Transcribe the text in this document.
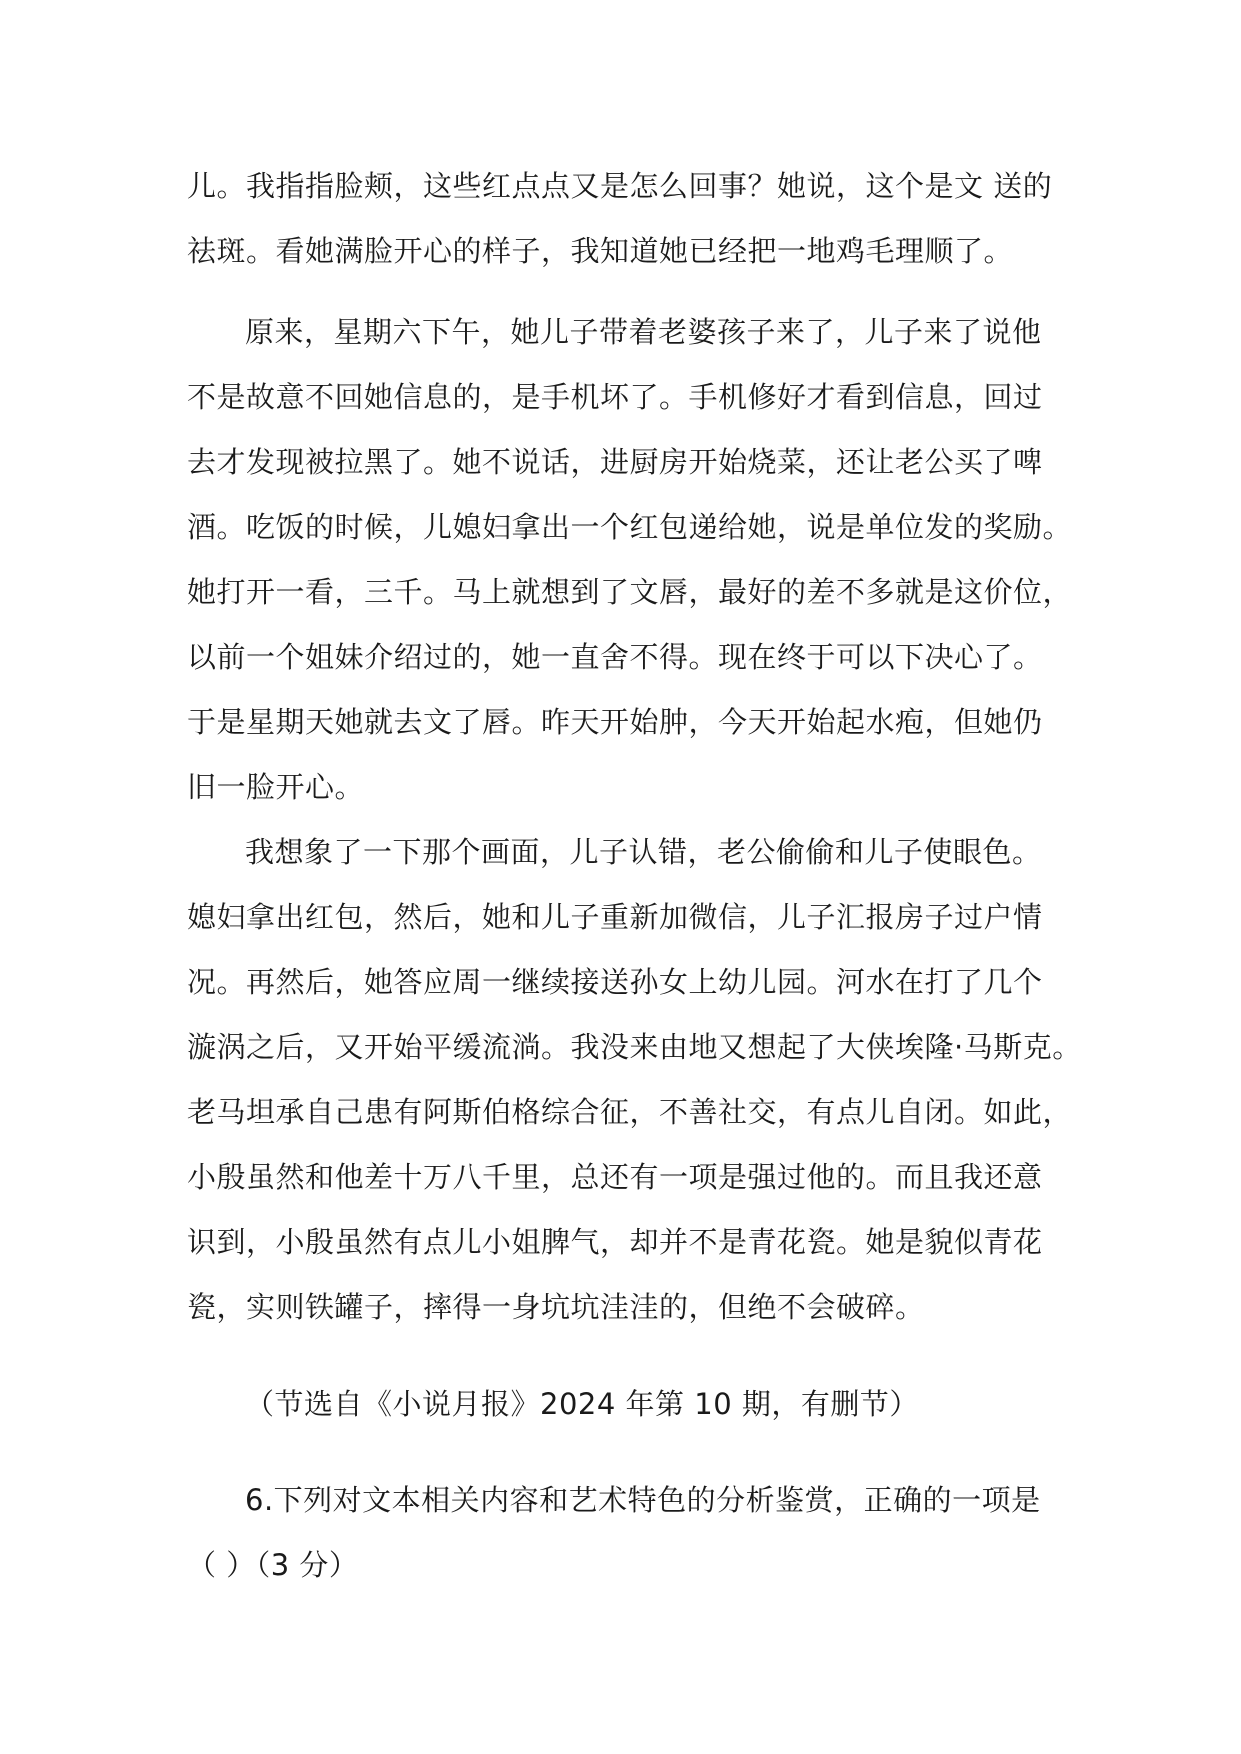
儿。我指指脸颊，这些红点点又是怎么回事？她说，这个是文 送的
祛斑。看她满脸开心的样子，我知道她已经把一地鸡毛理顺了。
原来，星期六下午，她儿子带着老婆孩子来了，儿子来了说他
不是故意不回她信息的，是手机坏了。手机修好才看到信息，回过
去才发现被拉黑了。她不说话，进厨房开始烧菜，还让老公买了啤
酒。吃饭的时候，儿媳妇拿出一个红包递给她，说是单位发的奖励。
她打开一看，三千。马上就想到了文唇，最好的差不多就是这价位，
以前一个姐妹介绍过的，她一直舍不得。现在终于可以下决心了。
于是星期天她就去文了唇。昨天开始肿，今天开始起水疱，但她仍
旧一脸开心。
我想象了一下那个画面，儿子认错，老公偷偷和儿子使眼色。
媳妇拿出红包，然后，她和儿子重新加微信，儿子汇报房子过户情
况。再然后，她答应周一继续接送孙女上幼儿园。河水在打了几个
漩涡之后，又开始平缓流淌。我没来由地又想起了大侠埃隆·马斯克。
老马坦承自己患有阿斯伯格综合征，不善社交，有点儿自闭。如此，
小殷虽然和他差十万八千里，总还有一项是强过他的。而且我还意
识到，小殷虽然有点儿小姐脾气，却并不是青花瓷。她是貌似青花
瓷，实则铁罐子，摔得一身坑坑洼洼的，但绝不会破碎。
（节选自《小说月报》2024 年第 10 期，有删节）
6.下列对文本相关内容和艺术特色的分析鉴赏，正确的一项是
（ ）（3 分）
